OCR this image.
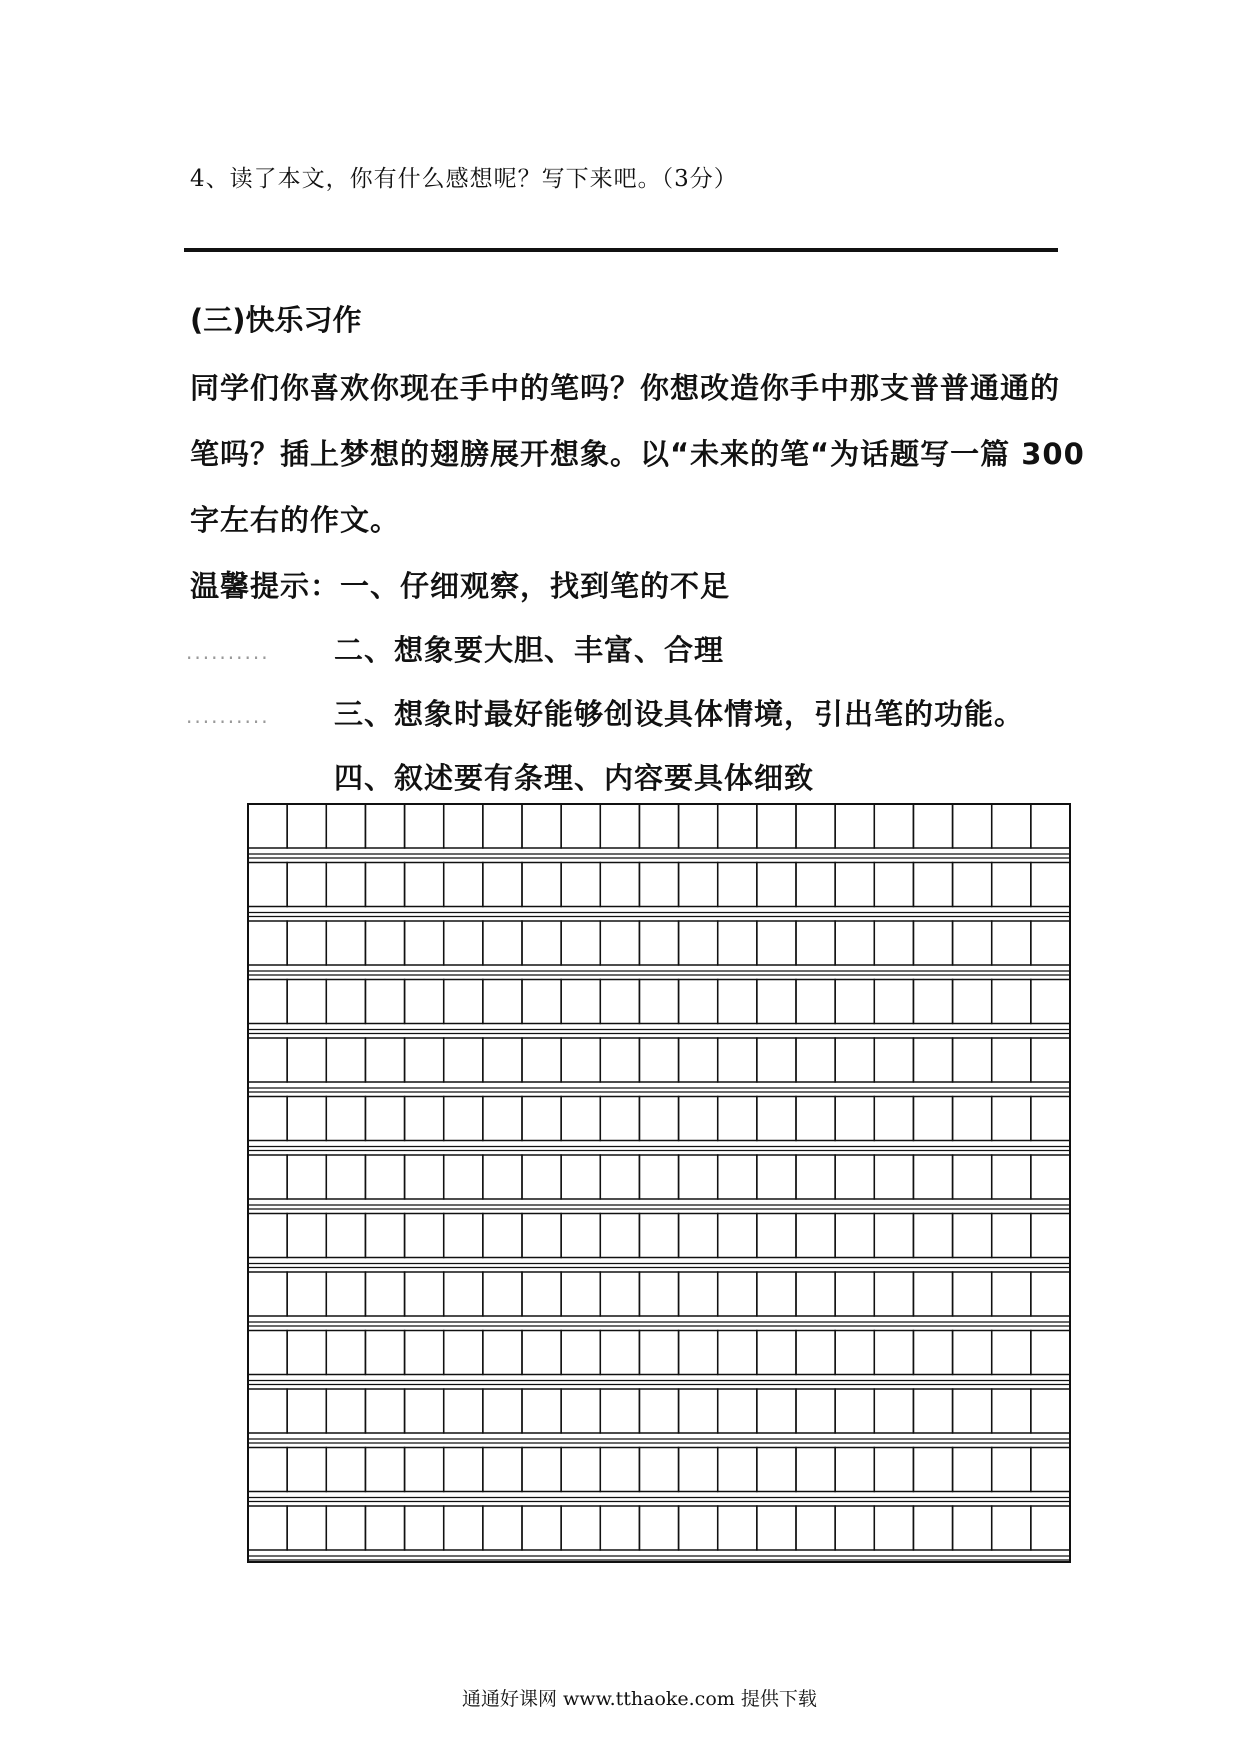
4、读了本文，你有什么感想呢？写下来吧。（3分）
(三)快乐习作
同学们你喜欢你现在手中的笔吗？你想改造你手中那支普普通通的
笔吗？插上梦想的翅膀展开想象。以“未来的笔“为话题写一篇 300
字左右的作文。
温馨提示：一、仔细观察，找到笔的不足
.......... 二、想象要大胆、丰富、合理
.......... 三、想象时最好能够创设具体情境，引出笔的功能。
四、叙述要有条理、内容要具体细致
通通好课网 www.tthaoke.com 提供下载
